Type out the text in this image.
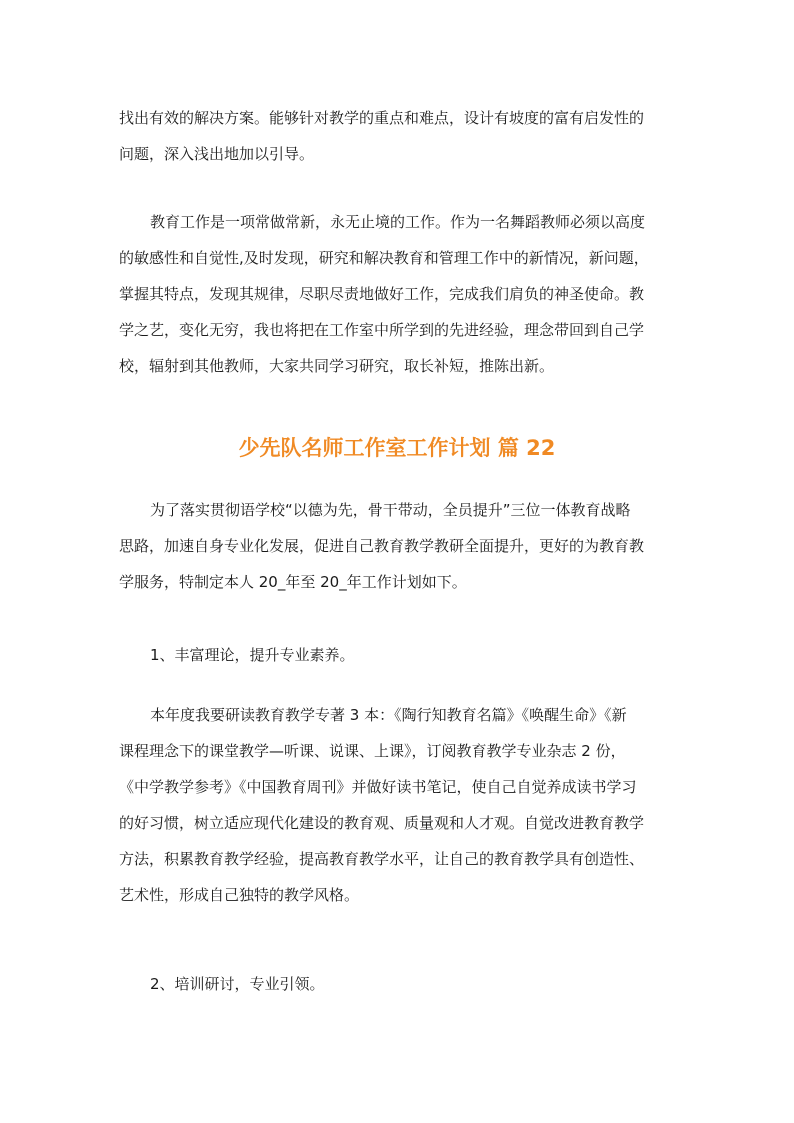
找出有效的解决方案。能够针对教学的重点和难点，设计有坡度的富有启发性的
问题，深入浅出地加以引导。
教育工作是一项常做常新，永无止境的工作。作为一名舞蹈教师必须以高度
的敏感性和自觉性,及时发现，研究和解决教育和管理工作中的新情况，新问题，
掌握其特点，发现其规律，尽职尽责地做好工作，完成我们肩负的神圣使命。教
学之艺，变化无穷，我也将把在工作室中所学到的先进经验，理念带回到自己学
校，辐射到其他教师，大家共同学习研究，取长补短，推陈出新。
少先队名师工作室工作计划 篇 22
为了落实贯彻语学校“以德为先，骨干带动，全员提升”三位一体教育战略
思路，加速自身专业化发展，促进自己教育教学教研全面提升，更好的为教育教
学服务，特制定本人 20_年至 20_年工作计划如下。
1、丰富理论，提升专业素养。
本年度我要研读教育教学专著 3 本：《陶行知教育名篇》《唤醒生命》《新
课程理念下的课堂教学—听课、说课、上课》，订阅教育教学专业杂志 2 份，
《中学教学参考》《中国教育周刊》并做好读书笔记，使自己自觉养成读书学习
的好习惯，树立适应现代化建设的教育观、质量观和人才观。自觉改进教育教学
方法，积累教育教学经验，提高教育教学水平，让自己的教育教学具有创造性、
艺术性，形成自己独特的教学风格。
2、培训研讨，专业引领。
